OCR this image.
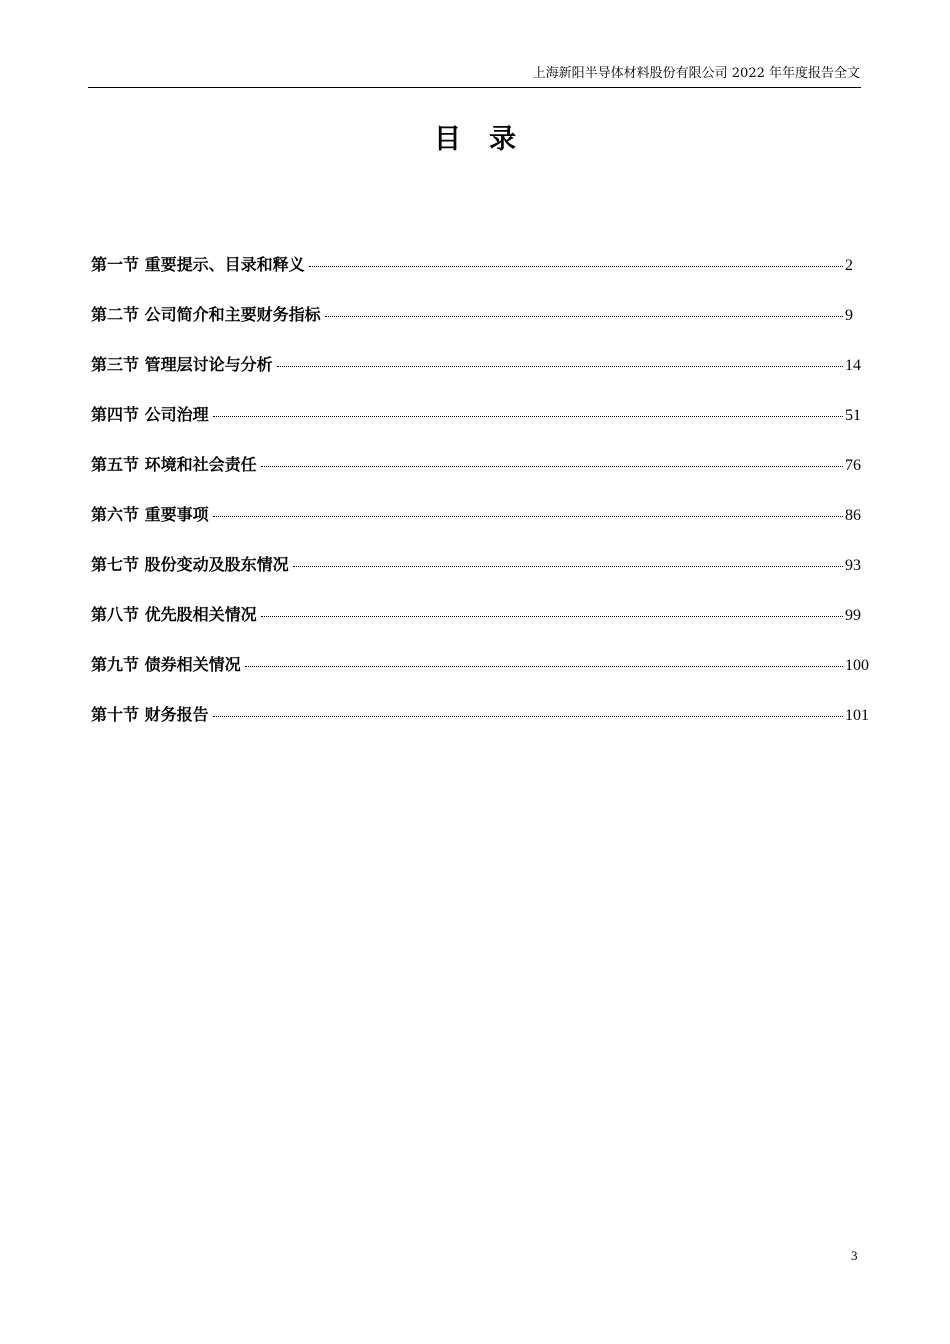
上海新阳半导体材料股份有限公司 2022 年年度报告全文
目录
第一节 重要提示、目录和释义	2
第二节 公司简介和主要财务指标	9
第三节 管理层讨论与分析	14
第四节 公司治理	51
第五节 环境和社会责任	76
第六节 重要事项	86
第七节 股份变动及股东情况	93
第八节 优先股相关情况	99
第九节 债券相关情况	100
第十节 财务报告	101
3
